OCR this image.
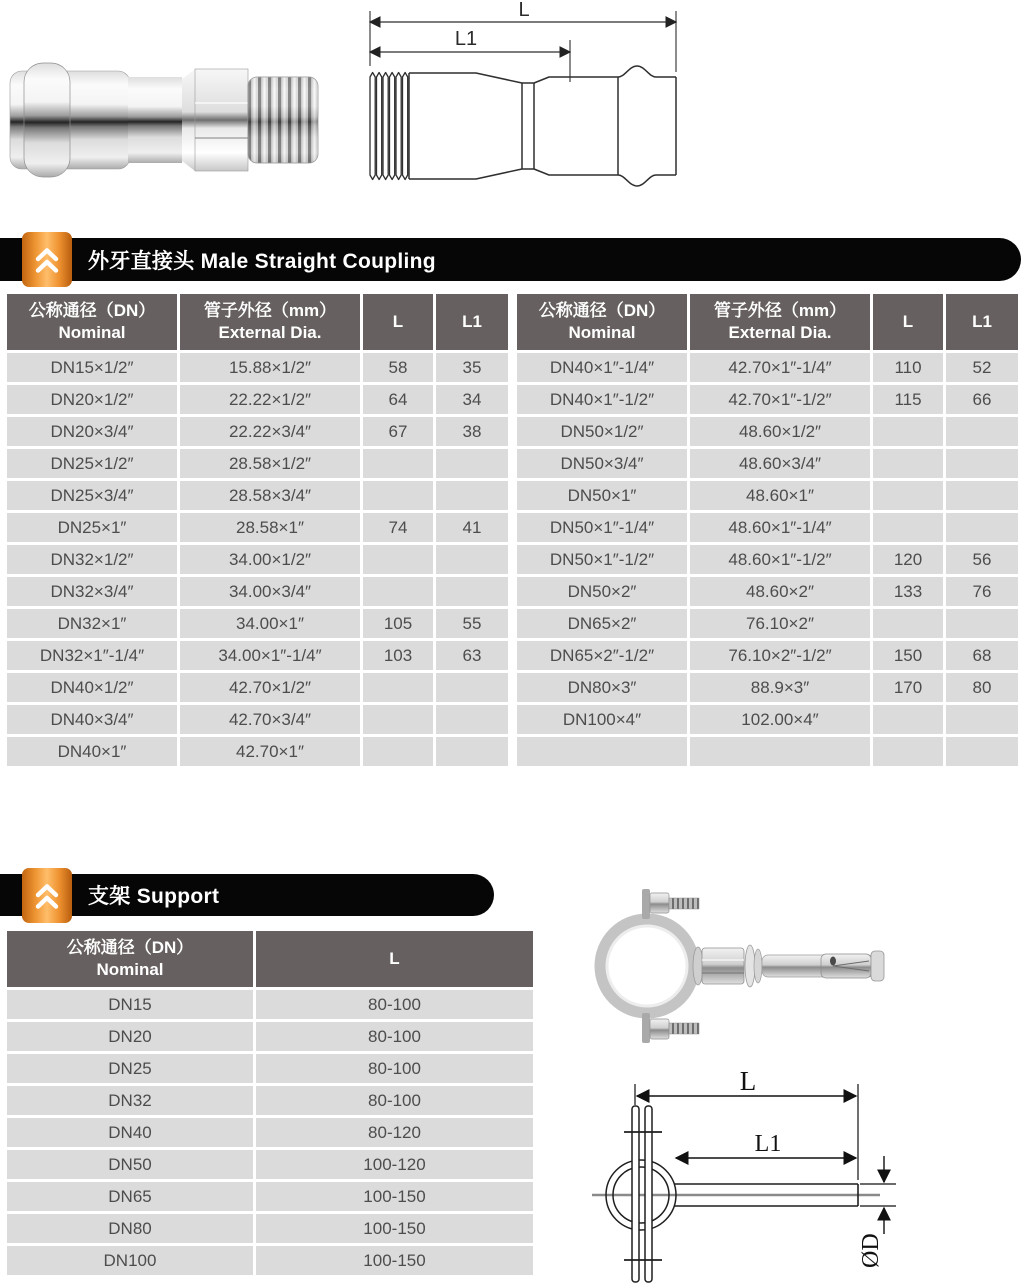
L
L1
外牙直接头 Male Straight Coupling
公称通径（DN）
Nominal

管子外径（mm）
External Dia.
	L	L1
DN15×1/2″	15.88×1/2″	58	35
DN20×1/2″	22.22×1/2″	64	34
DN20×3/4″	22.22×3/4″	67	38
DN25×1/2″	28.58×1/2″		
DN25×3/4″	28.58×3/4″		
DN25×1″	28.58×1″	74	41
DN32×1/2″	34.00×1/2″		
DN32×3/4″	34.00×3/4″		
DN32×1″	34.00×1″	105	55
DN32×1″-1/4″	34.00×1″-1/4″	103	63
DN40×1/2″	42.70×1/2″		
DN40×3/4″	42.70×3/4″		
DN40×1″	42.70×1″		
公称通径（DN）
Nominal

管子外径（mm）
External Dia.
	L	L1
DN40×1″-1/4″	42.70×1″-1/4″	110	52
DN40×1″-1/2″	42.70×1″-1/2″	115	66
DN50×1/2″	48.60×1/2″		
DN50×3/4″	48.60×3/4″		
DN50×1″	48.60×1″		
DN50×1″-1/4″	48.60×1″-1/4″		
DN50×1″-1/2″	48.60×1″-1/2″	120	56
DN50×2″	48.60×2″	133	76
DN65×2″	76.10×2″		
DN65×2″-1/2″	76.10×2″-1/2″	150	68
DN80×3″	88.9×3″	170	80
DN100×4″	102.00×4″		

支架 Support
公称通径（DN）
Nominal	L
DN15	80-100
DN20	80-100
DN25	80-100
DN32	80-100
DN40	80-120
DN50	100-120
DN65	100-150
DN80	100-150
DN100	100-150
L
L1
ØD
